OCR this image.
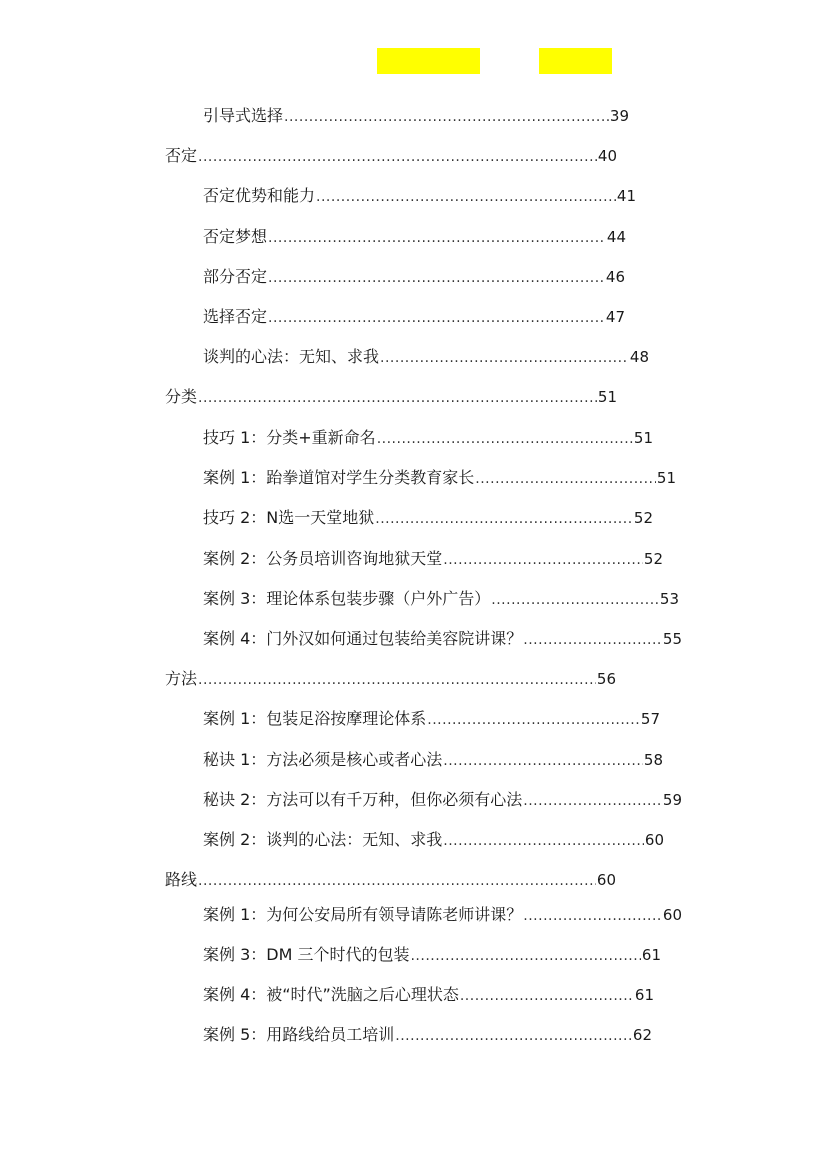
引导式选择 .....	39
否定 .....	40
否定优势和能力 .....	41
否定梦想 .....	44
部分否定 .....	46
选择否定 .....	47
谈判的心法：无知、求我 .....	48
分类 .....	51
技巧 1：分类+重新命名 .....	51
案例 1：跆拳道馆对学生分类教育家长 .....	51
技巧 2：N选一天堂地狱 .....	52
案例 2：公务员培训咨询地狱天堂 .....	52
案例 3：理论体系包装步骤（户外广告） .....	53
案例 4：门外汉如何通过包装给美容院讲课？ .....	55
方法 .....	56
案例 1：包装足浴按摩理论体系 .....	57
秘诀 1：方法必须是核心或者心法 .....	58
秘诀 2：方法可以有千万种，但你必须有心法 .....	59
案例 2：谈判的心法：无知、求我 .....	60
路线 .....	60
案例 1：为何公安局所有领导请陈老师讲课？ .....	60
案例 3：DM 三个时代的包装 .....	61
案例 4：被“时代”洗脑之后心理状态 .....	61
案例 5：用路线给员工培训 .....	62
